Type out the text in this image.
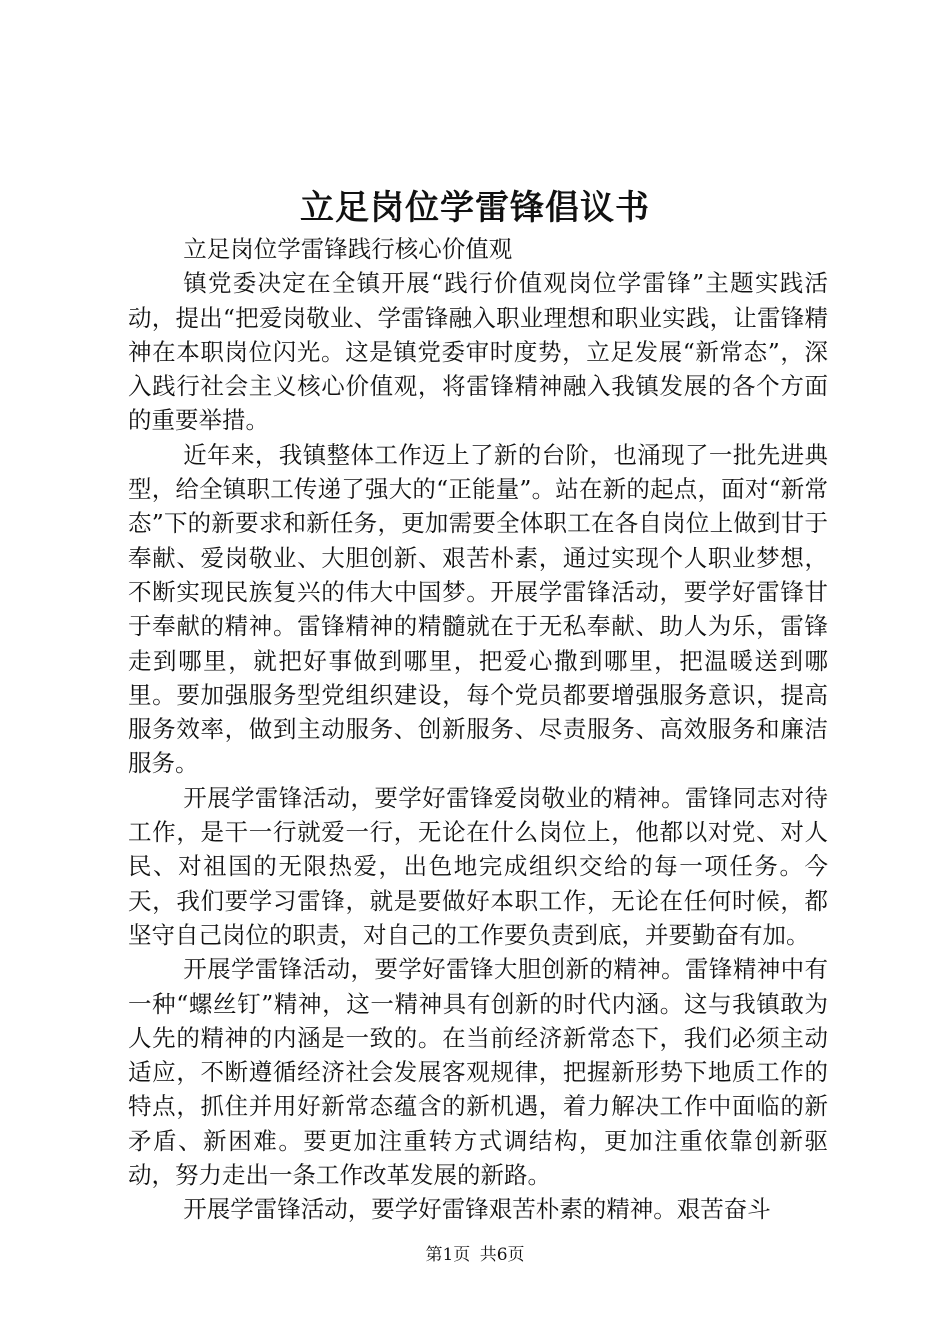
立足岗位学雷锋倡议书

立足岗位学雷锋践行核心价值观

镇党委决定在全镇开展“践行价值观岗位学雷锋”主题实践活动，提出“把爱岗敬业、学雷锋融入职业理想和职业实践，让雷锋精神在本职岗位闪光。这是镇党委审时度势，立足发展“新常态”，深入践行社会主义核心价值观，将雷锋精神融入我镇发展的各个方面的重要举措。

近年来，我镇整体工作迈上了新的台阶，也涌现了一批先进典型，给全镇职工传递了强大的“正能量”。站在新的起点，面对“新常态”下的新要求和新任务，更加需要全体职工在各自岗位上做到甘于奉献、爱岗敬业、大胆创新、艰苦朴素，通过实现个人职业梦想，不断实现民族复兴的伟大中国梦。开展学雷锋活动，要学好雷锋甘于奉献的精神。雷锋精神的精髓就在于无私奉献、助人为乐，雷锋走到哪里，就把好事做到哪里，把爱心撒到哪里，把温暖送到哪里。要加强服务型党组织建设，每个党员都要增强服务意识，提高服务效率，做到主动服务、创新服务、尽责服务、高效服务和廉洁服务。

开展学雷锋活动，要学好雷锋爱岗敬业的精神。雷锋同志对待工作，是干一行就爱一行，无论在什么岗位上，他都以对党、对人民、对祖国的无限热爱，出色地完成组织交给的每一项任务。今天，我们要学习雷锋，就是要做好本职工作，无论在任何时候，都坚守自己岗位的职责，对自己的工作要负责到底，并要勤奋有加。

开展学雷锋活动，要学好雷锋大胆创新的精神。雷锋精神中有一种“螺丝钉”精神，这一精神具有创新的时代内涵。这与我镇敢为人先的精神的内涵是一致的。在当前经济新常态下，我们必须主动适应，不断遵循经济社会发展客观规律，把握新形势下地质工作的特点，抓住并用好新常态蕴含的新机遇，着力解决工作中面临的新矛盾、新困难。要更加注重转方式调结构，更加注重依靠创新驱动，努力走出一条工作改革发展的新路。

开展学雷锋活动，要学好雷锋艰苦朴素的精神。艰苦奋斗

第1页 共6页
